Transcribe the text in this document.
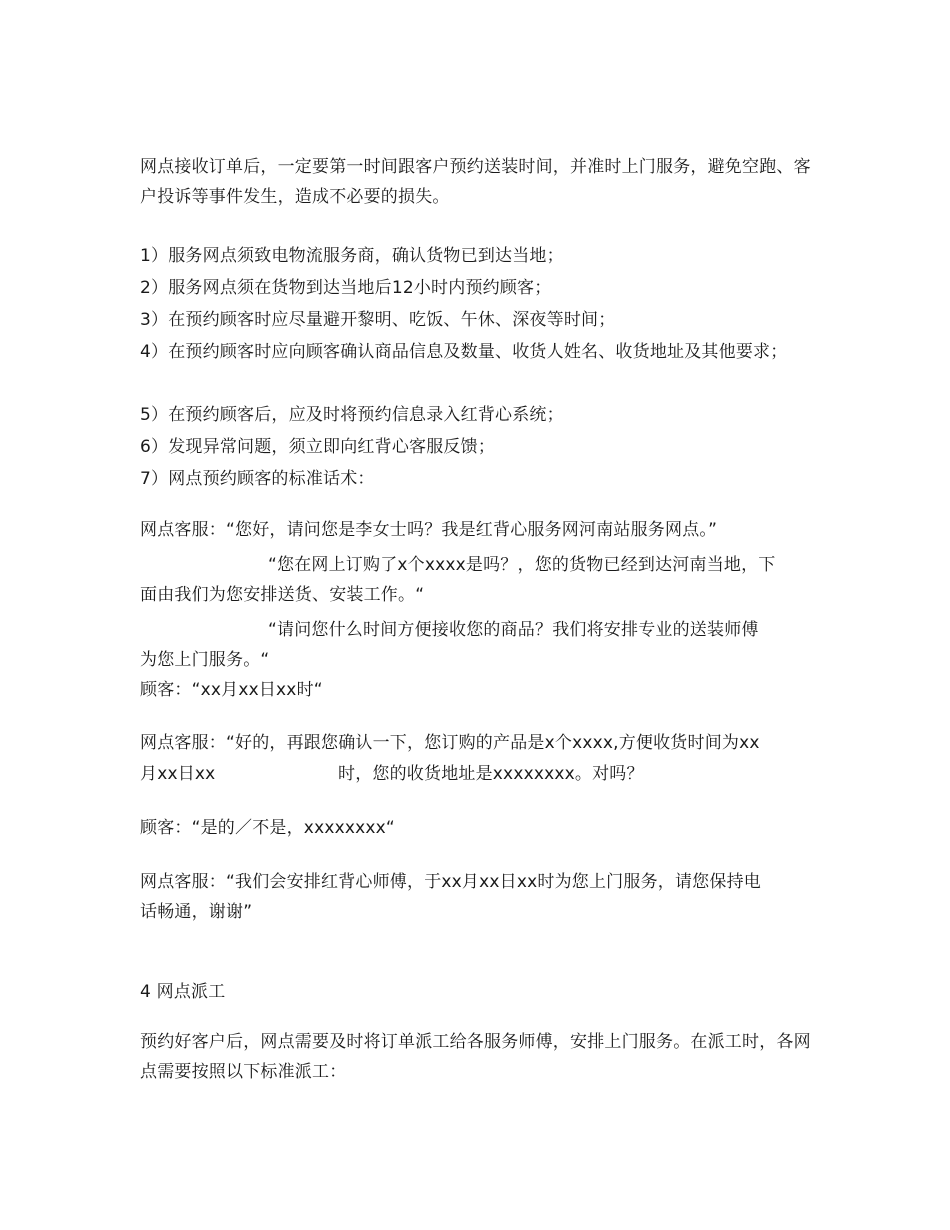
网点接收订单后，一定要第一时间跟客户预约送装时间，并准时上门服务，避免空跑、客户投诉等事件发生，造成不必要的损失。

1）服务网点须致电物流服务商，确认货物已到达当地；

2）服务网点须在货物到达当地后12小时内预约顾客；

3）在预约顾客时应尽量避开黎明、吃饭、午休、深夜等时间；

4）在预约顾客时应向顾客确认商品信息及数量、收货人姓名、收货地址及其他要求；

5）在预约顾客后，应及时将预约信息录入红背心系统；

6）发现异常问题，须立即向红背心客服反馈；

7）网点预约顾客的标准话术：

网点客服：“您好，请问您是李女士吗？我是红背心服务网河南站服务网点。”

“您在网上订购了x个xxxx是吗？，您的货物已经到达河南当地，下

面由我们为您安排送货、安装工作。“

“请问您什么时间方便接收您的商品？我们将安排专业的送装师傅

为您上门服务。“

顾客：“xx月xx日xx时“

网点客服：“好的，再跟您确认一下，您订购的产品是x个xxxx,方便收货时间为xx

月xx日xx	时，您的收货地址是xxxxxxxx。对吗？

顾客：“是的／不是，xxxxxxxx“

网点客服：“我们会安排红背心师傅，于xx月xx日xx时为您上门服务，请您保持电

话畅通，谢谢”

4 网点派工

预约好客户后，网点需要及时将订单派工给各服务师傅，安排上门服务。在派工时，各网点需要按照以下标准派工：
